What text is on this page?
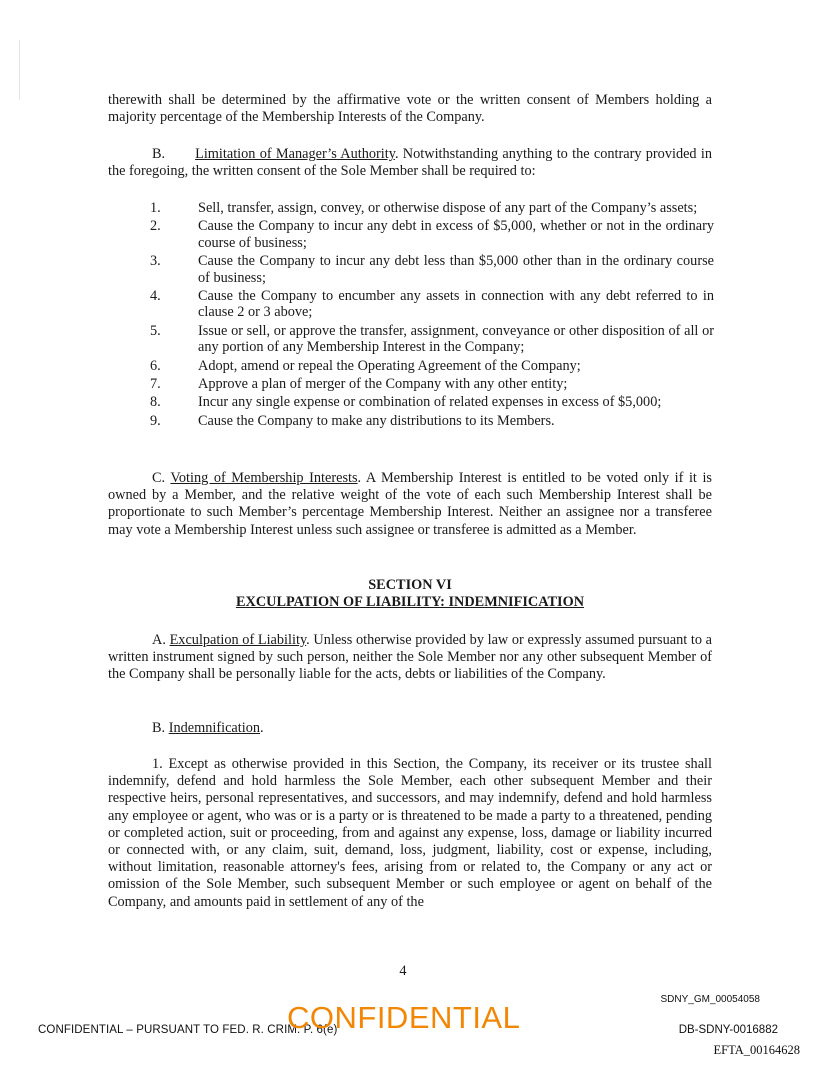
therewith shall be determined by the affirmative vote or the written consent of Members holding a majority percentage of the Membership Interests of the Company.

B. Limitation of Manager’s Authority. Notwithstanding anything to the contrary provided in the foregoing, the written consent of the Sole Member shall be required to:

1.	Sell, transfer, assign, convey, or otherwise dispose of any part of the Company’s assets;

2.	Cause the Company to incur any debt in excess of $5,000, whether or not in the ordinary course of business;

3.	Cause the Company to incur any debt less than $5,000 other than in the ordinary course of business;

4.	Cause the Company to encumber any assets in connection with any debt referred to in clause 2 or 3 above;

5.	Issue or sell, or approve the transfer, assignment, conveyance or other disposition of all or any portion of any Membership Interest in the Company;

6.	Adopt, amend or repeal the Operating Agreement of the Company;

7.	Approve a plan of merger of the Company with any other entity;

8.	Incur any single expense or combination of related expenses in excess of $5,000;

9.	Cause the Company to make any distributions to its Members.

C. Voting of Membership Interests. A Membership Interest is entitled to be voted only if it is owned by a Member, and the relative weight of the vote of each such Membership Interest shall be proportionate to such Member’s percentage Membership Interest. Neither an assignee nor a transferee may vote a Membership Interest unless such assignee or transferee is admitted as a Member.

SECTION VI
EXCULPATION OF LIABILITY: INDEMNIFICATION

A. Exculpation of Liability. Unless otherwise provided by law or expressly assumed pursuant to a written instrument signed by such person, neither the Sole Member nor any other subsequent Member of the Company shall be personally liable for the acts, debts or liabilities of the Company.

B. Indemnification.

1. Except as otherwise provided in this Section, the Company, its receiver or its trustee shall indemnify, defend and hold harmless the Sole Member, each other subsequent Member and their respective heirs, personal representatives, and successors, and may indemnify, defend and hold harmless any employee or agent, who was or is a party or is threatened to be made a party to a threatened, pending or completed action, suit or proceeding, from and against any expense, loss, damage or liability incurred or connected with, or any claim, suit, demand, loss, judgment, liability, cost or expense, including, without limitation, reasonable attorney's fees, arising from or related to, the Company or any act or omission of the Sole Member, such subsequent Member or such employee or agent on behalf of the Company, and amounts paid in settlement of any of the

4
SDNY_GM_00054058
CONFIDENTIAL – PURSUANT TO FED. R. CRIM. P. 6(e)
CONFIDENTIAL	DB-SDNY-0016882
EFTA_00164628
